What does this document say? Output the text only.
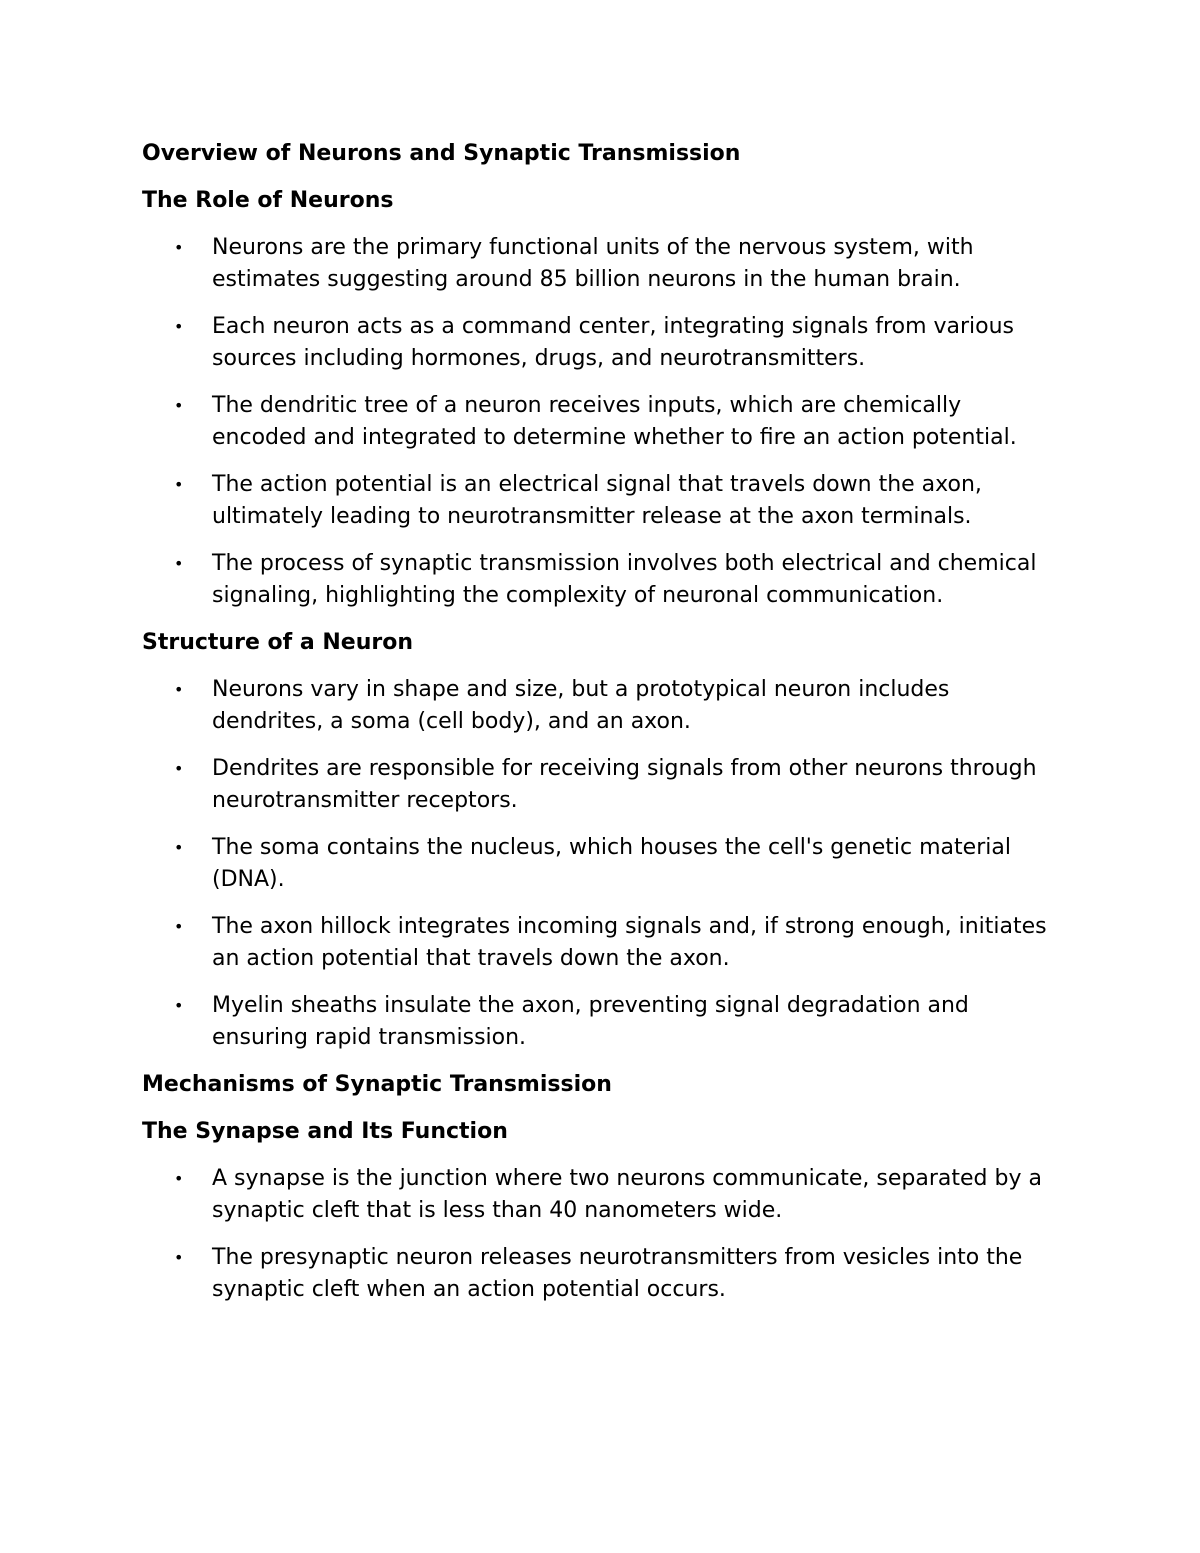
Overview of Neurons and Synaptic Transmission
The Role of Neurons
• Neurons are the primary functional units of the nervous system, with estimates suggesting around 85 billion neurons in the human brain.
• Each neuron acts as a command center, integrating signals from various sources including hormones, drugs, and neurotransmitters.
• The dendritic tree of a neuron receives inputs, which are chemically encoded and integrated to determine whether to fire an action potential.
• The action potential is an electrical signal that travels down the axon, ultimately leading to neurotransmitter release at the axon terminals.
• The process of synaptic transmission involves both electrical and chemical signaling, highlighting the complexity of neuronal communication.
Structure of a Neuron
• Neurons vary in shape and size, but a prototypical neuron includes dendrites, a soma (cell body), and an axon.
• Dendrites are responsible for receiving signals from other neurons through neurotransmitter receptors.
• The soma contains the nucleus, which houses the cell's genetic material (DNA).
• The axon hillock integrates incoming signals and, if strong enough, initiates an action potential that travels down the axon.
• Myelin sheaths insulate the axon, preventing signal degradation and ensuring rapid transmission.
Mechanisms of Synaptic Transmission
The Synapse and Its Function
• A synapse is the junction where two neurons communicate, separated by a synaptic cleft that is less than 40 nanometers wide.
• The presynaptic neuron releases neurotransmitters from vesicles into the synaptic cleft when an action potential occurs.
